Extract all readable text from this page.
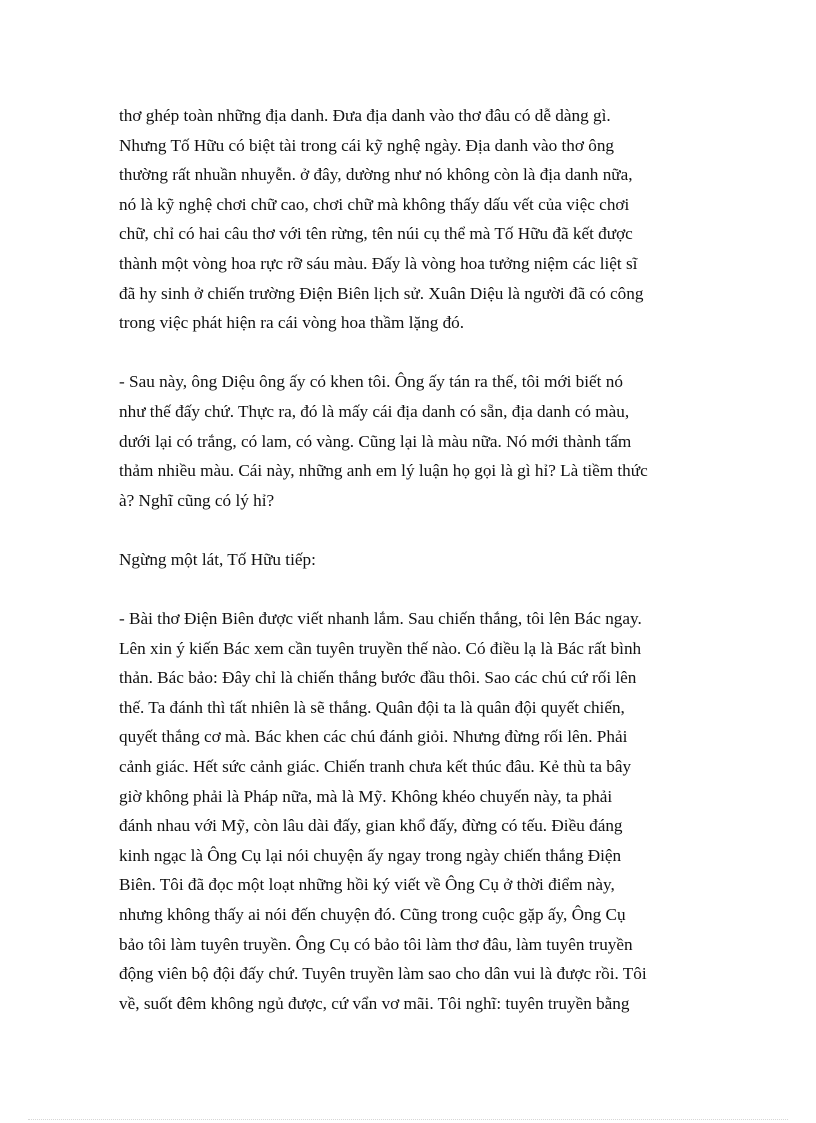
thơ ghép toàn những địa danh. Đưa địa danh vào thơ đâu có dễ dàng gì.
Nhưng Tố Hữu có biệt tài trong cái kỹ nghệ ngày. Địa danh vào thơ ông
thường rất nhuần nhuyễn. ở đây, dường như nó không còn là địa danh nữa,
nó là kỹ nghệ chơi chữ cao, chơi chữ mà không thấy dấu vết của việc chơi
chữ, chỉ có hai câu thơ với tên rừng, tên núi cụ thể mà Tố Hữu đã kết được
thành một vòng hoa rực rỡ sáu màu. Đấy là vòng hoa tưởng niệm các liệt sĩ
đã hy sinh ở chiến trường Điện Biên lịch sử. Xuân Diệu là người đã có công
trong việc phát hiện ra cái vòng hoa thầm lặng đó.

- Sau này, ông Diệu ông ấy có khen tôi. Ông ấy tán ra thế, tôi mới biết nó
như thế đấy chứ. Thực ra, đó là mấy cái địa danh có sẵn, địa danh có màu,
dưới lại có trắng, có lam, có vàng. Cũng lại là màu nữa. Nó mới thành tấm
thảm nhiều màu. Cái này, những anh em lý luận họ gọi là gì hỉ? Là tiềm thức
à? Nghĩ cũng có lý hỉ?

Ngừng một lát, Tố Hữu tiếp:

- Bài thơ Điện Biên được viết nhanh lắm. Sau chiến thắng, tôi lên Bác ngay.
Lên xin ý kiến Bác xem cần tuyên truyền thế nào. Có điều lạ là Bác rất bình
thản. Bác bảo: Đây chỉ là chiến thắng bước đầu thôi. Sao các chú cứ rối lên
thế. Ta đánh thì tất nhiên là sẽ thắng. Quân đội ta là quân đội quyết chiến,
quyết thắng cơ mà. Bác khen các chú đánh giỏi. Nhưng đừng rối lên. Phải
cảnh giác. Hết sức cảnh giác. Chiến tranh chưa kết thúc đâu. Kẻ thù ta bây
giờ không phải là Pháp nữa, mà là Mỹ. Không khéo chuyến này, ta phải
đánh nhau với Mỹ, còn lâu dài đấy, gian khổ đấy, đừng có tếu. Điều đáng
kinh ngạc là Ông Cụ lại nói chuyện ấy ngay trong ngày chiến thắng Điện
Biên. Tôi đã đọc một loạt những hồi ký viết về Ông Cụ ở thời điểm này,
nhưng không thấy ai nói đến chuyện đó. Cũng trong cuộc gặp ấy, Ông Cụ
bảo tôi làm tuyên truyền. Ông Cụ có bảo tôi làm thơ đâu, làm tuyên truyền
động viên bộ đội đấy chứ. Tuyên truyền làm sao cho dân vui là được rồi. Tôi
về, suốt đêm không ngủ được, cứ vẩn vơ mãi. Tôi nghĩ: tuyên truyền bằng
